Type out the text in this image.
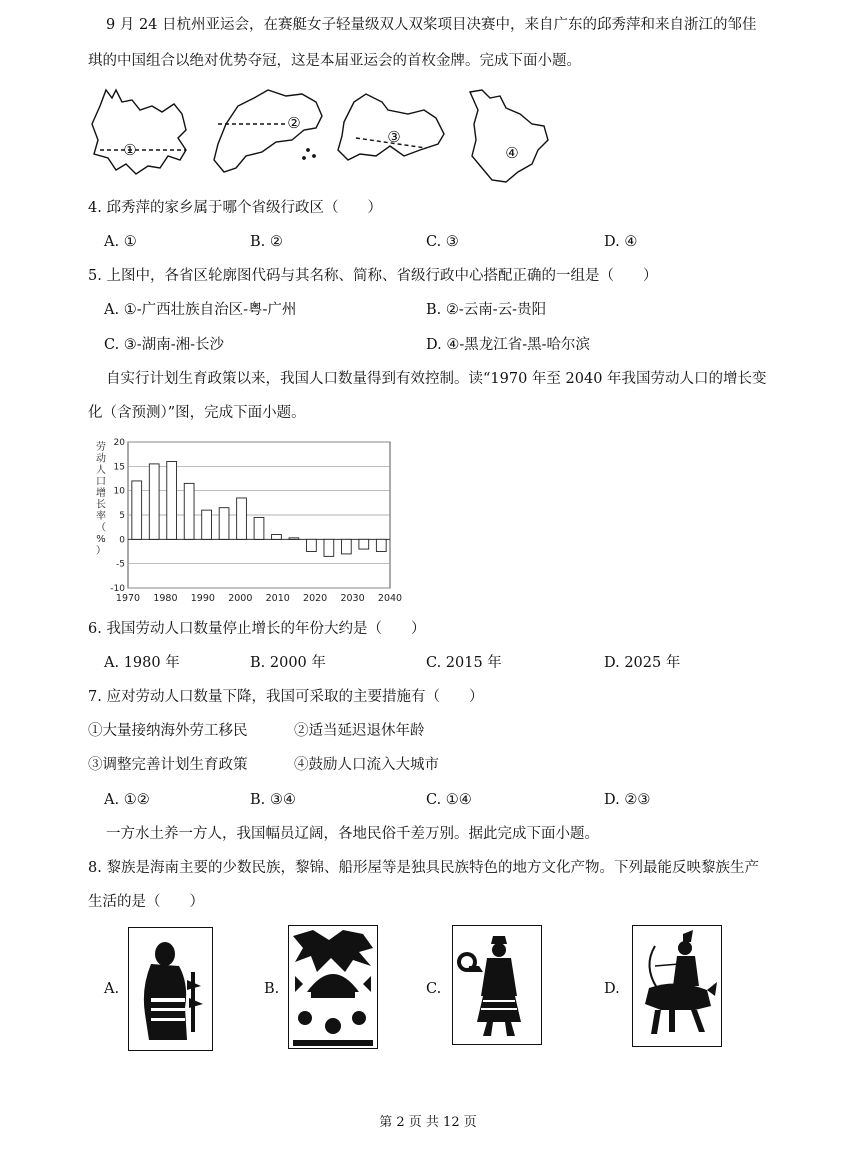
9 月 24 日杭州亚运会，在赛艇女子轻量级双人双桨项目决赛中，来自广东的邱秀萍和来自浙江的邹佳
琪的中国组合以绝对优势夺冠，这是本届亚运会的首枚金牌。完成下面小题。
①
②
③
④
4. 邱秀萍的家乡属于哪个省级行政区（　　）
A. ①	B. ②	C. ③	D. ④
5. 上图中，各省区轮廓图代码与其名称、简称、省级行政中心搭配正确的一组是（　　）
A. ①-广西壮族自治区-粤-广州	B. ②-云南-云-贵阳
C. ③-湖南-湘-长沙	D. ④-黑龙江省-黑-哈尔滨
自实行计划生育政策以来，我国人口数量得到有效控制。读“1970 年至 2040 年我国劳动人口的增长变
化（含预测）”图，完成下面小题。
20
15
10
5
0
-5
-10
1970 1980 1990 2000 2010 2020 2030 2040
劳
动
人
口
增
长
率
（
%
）
6. 我国劳动人口数量停止增长的年份大约是（　　）
A. 1980 年	B. 2000 年	C. 2015 年	D. 2025 年
7. 应对劳动人口数量下降，我国可采取的主要措施有（　　）
①大量接纳海外劳工移民	②适当延迟退休年龄
③调整完善计划生育政策	④鼓励人口流入大城市
A. ①②	B. ③④	C. ①④	D. ②③
一方水土养一方人，我国幅员辽阔，各地民俗千差万别。据此完成下面小题。
8. 黎族是海南主要的少数民族，黎锦、船形屋等是独具民族特色的地方文化产物。下列最能反映黎族生产
生活的是（　　）
A.	B.	C.	D.
第 2 页 共 12 页
